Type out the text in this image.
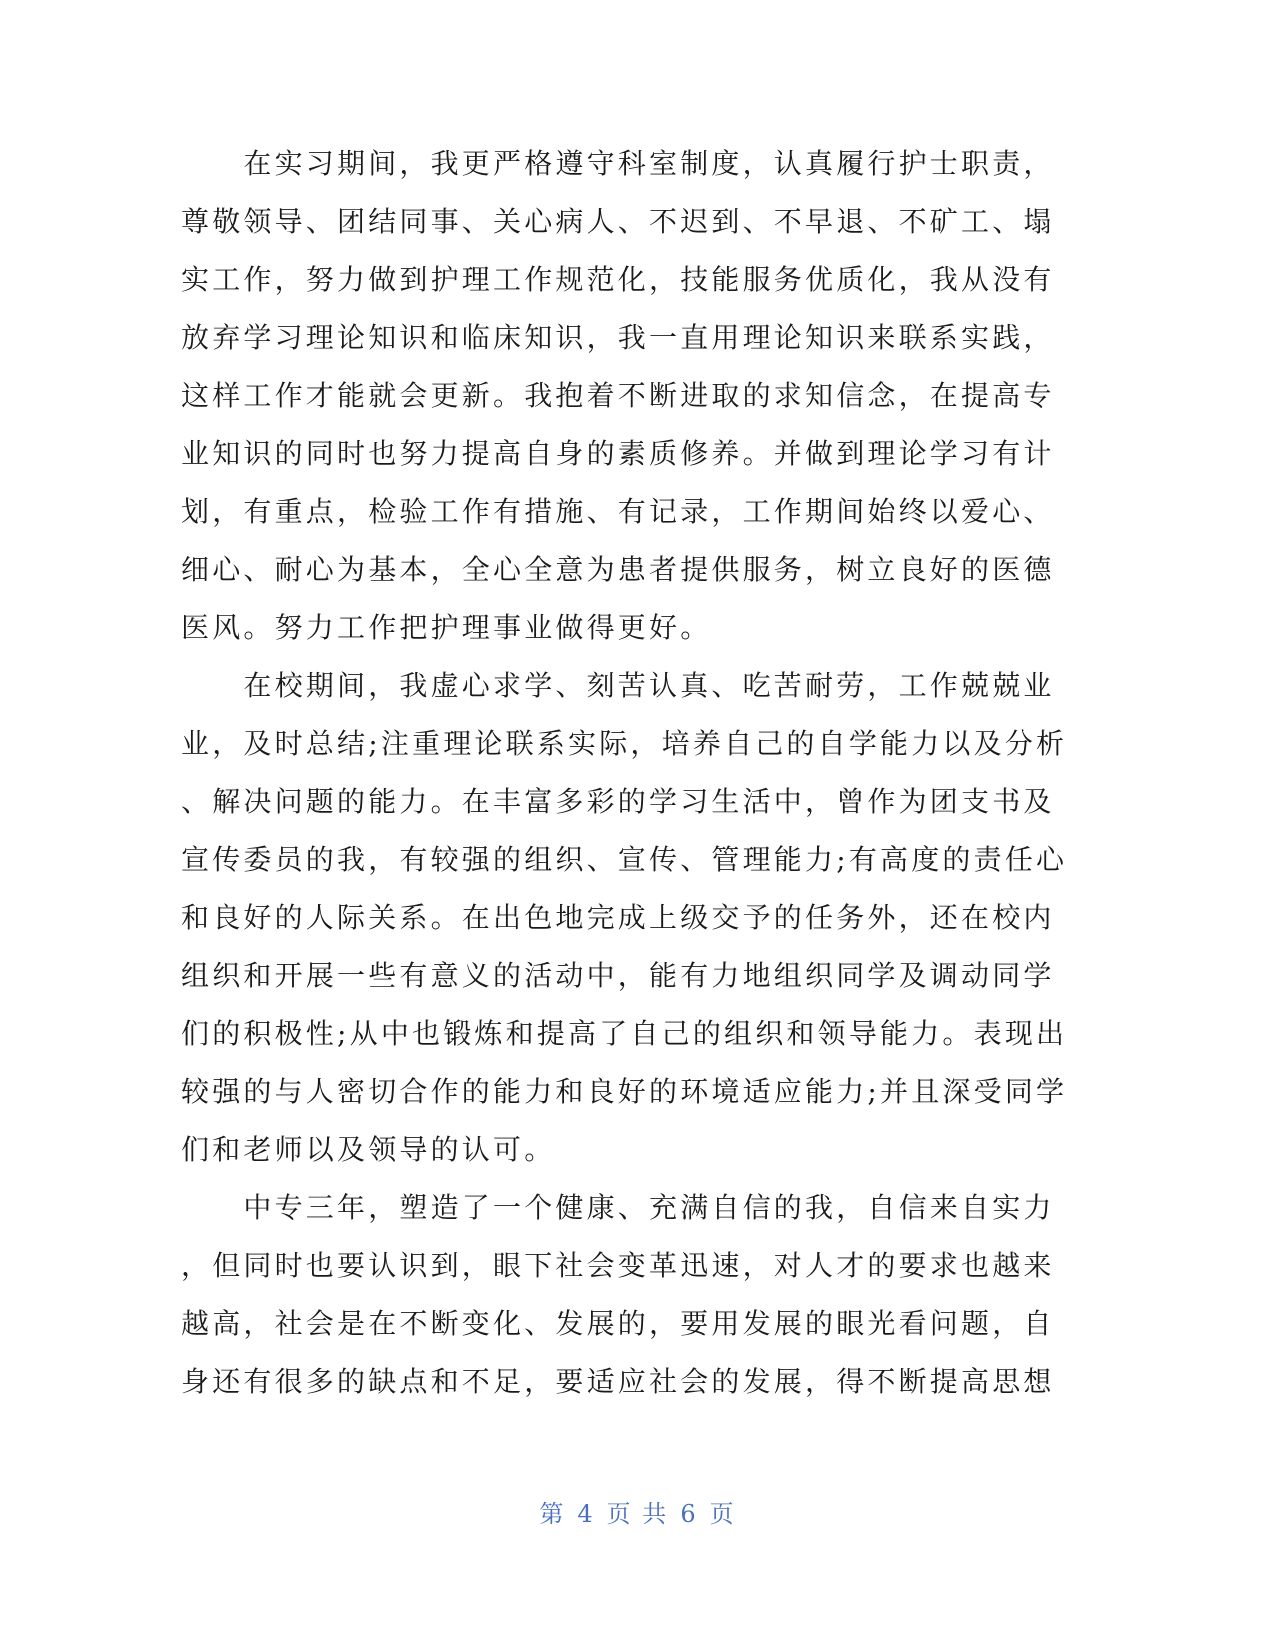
　　在实习期间，我更严格遵守科室制度，认真履行护士职责，
尊敬领导、团结同事、关心病人、不迟到、不早退、不矿工、塌
实工作，努力做到护理工作规范化，技能服务优质化，我从没有
放弃学习理论知识和临床知识，我一直用理论知识来联系实践，
这样工作才能就会更新。我抱着不断进取的求知信念，在提高专
业知识的同时也努力提高自身的素质修养。并做到理论学习有计
划，有重点，检验工作有措施、有记录，工作期间始终以爱心、
细心、耐心为基本，全心全意为患者提供服务，树立良好的医德
医风。努力工作把护理事业做得更好。
　　在校期间，我虚心求学、刻苦认真、吃苦耐劳，工作兢兢业
业，及时总结;注重理论联系实际，培养自己的自学能力以及分析
、解决问题的能力。在丰富多彩的学习生活中，曾作为团支书及
宣传委员的我，有较强的组织、宣传、管理能力;有高度的责任心
和良好的人际关系。在出色地完成上级交予的任务外，还在校内
组织和开展一些有意义的活动中，能有力地组织同学及调动同学
们的积极性;从中也锻炼和提高了自己的组织和领导能力。表现出
较强的与人密切合作的能力和良好的环境适应能力;并且深受同学
们和老师以及领导的认可。
　　中专三年，塑造了一个健康、充满自信的我，自信来自实力
，但同时也要认识到，眼下社会变革迅速，对人才的要求也越来
越高，社会是在不断变化、发展的，要用发展的眼光看问题，自
身还有很多的缺点和不足，要适应社会的发展，得不断提高思想
第 4 页 共 6 页
